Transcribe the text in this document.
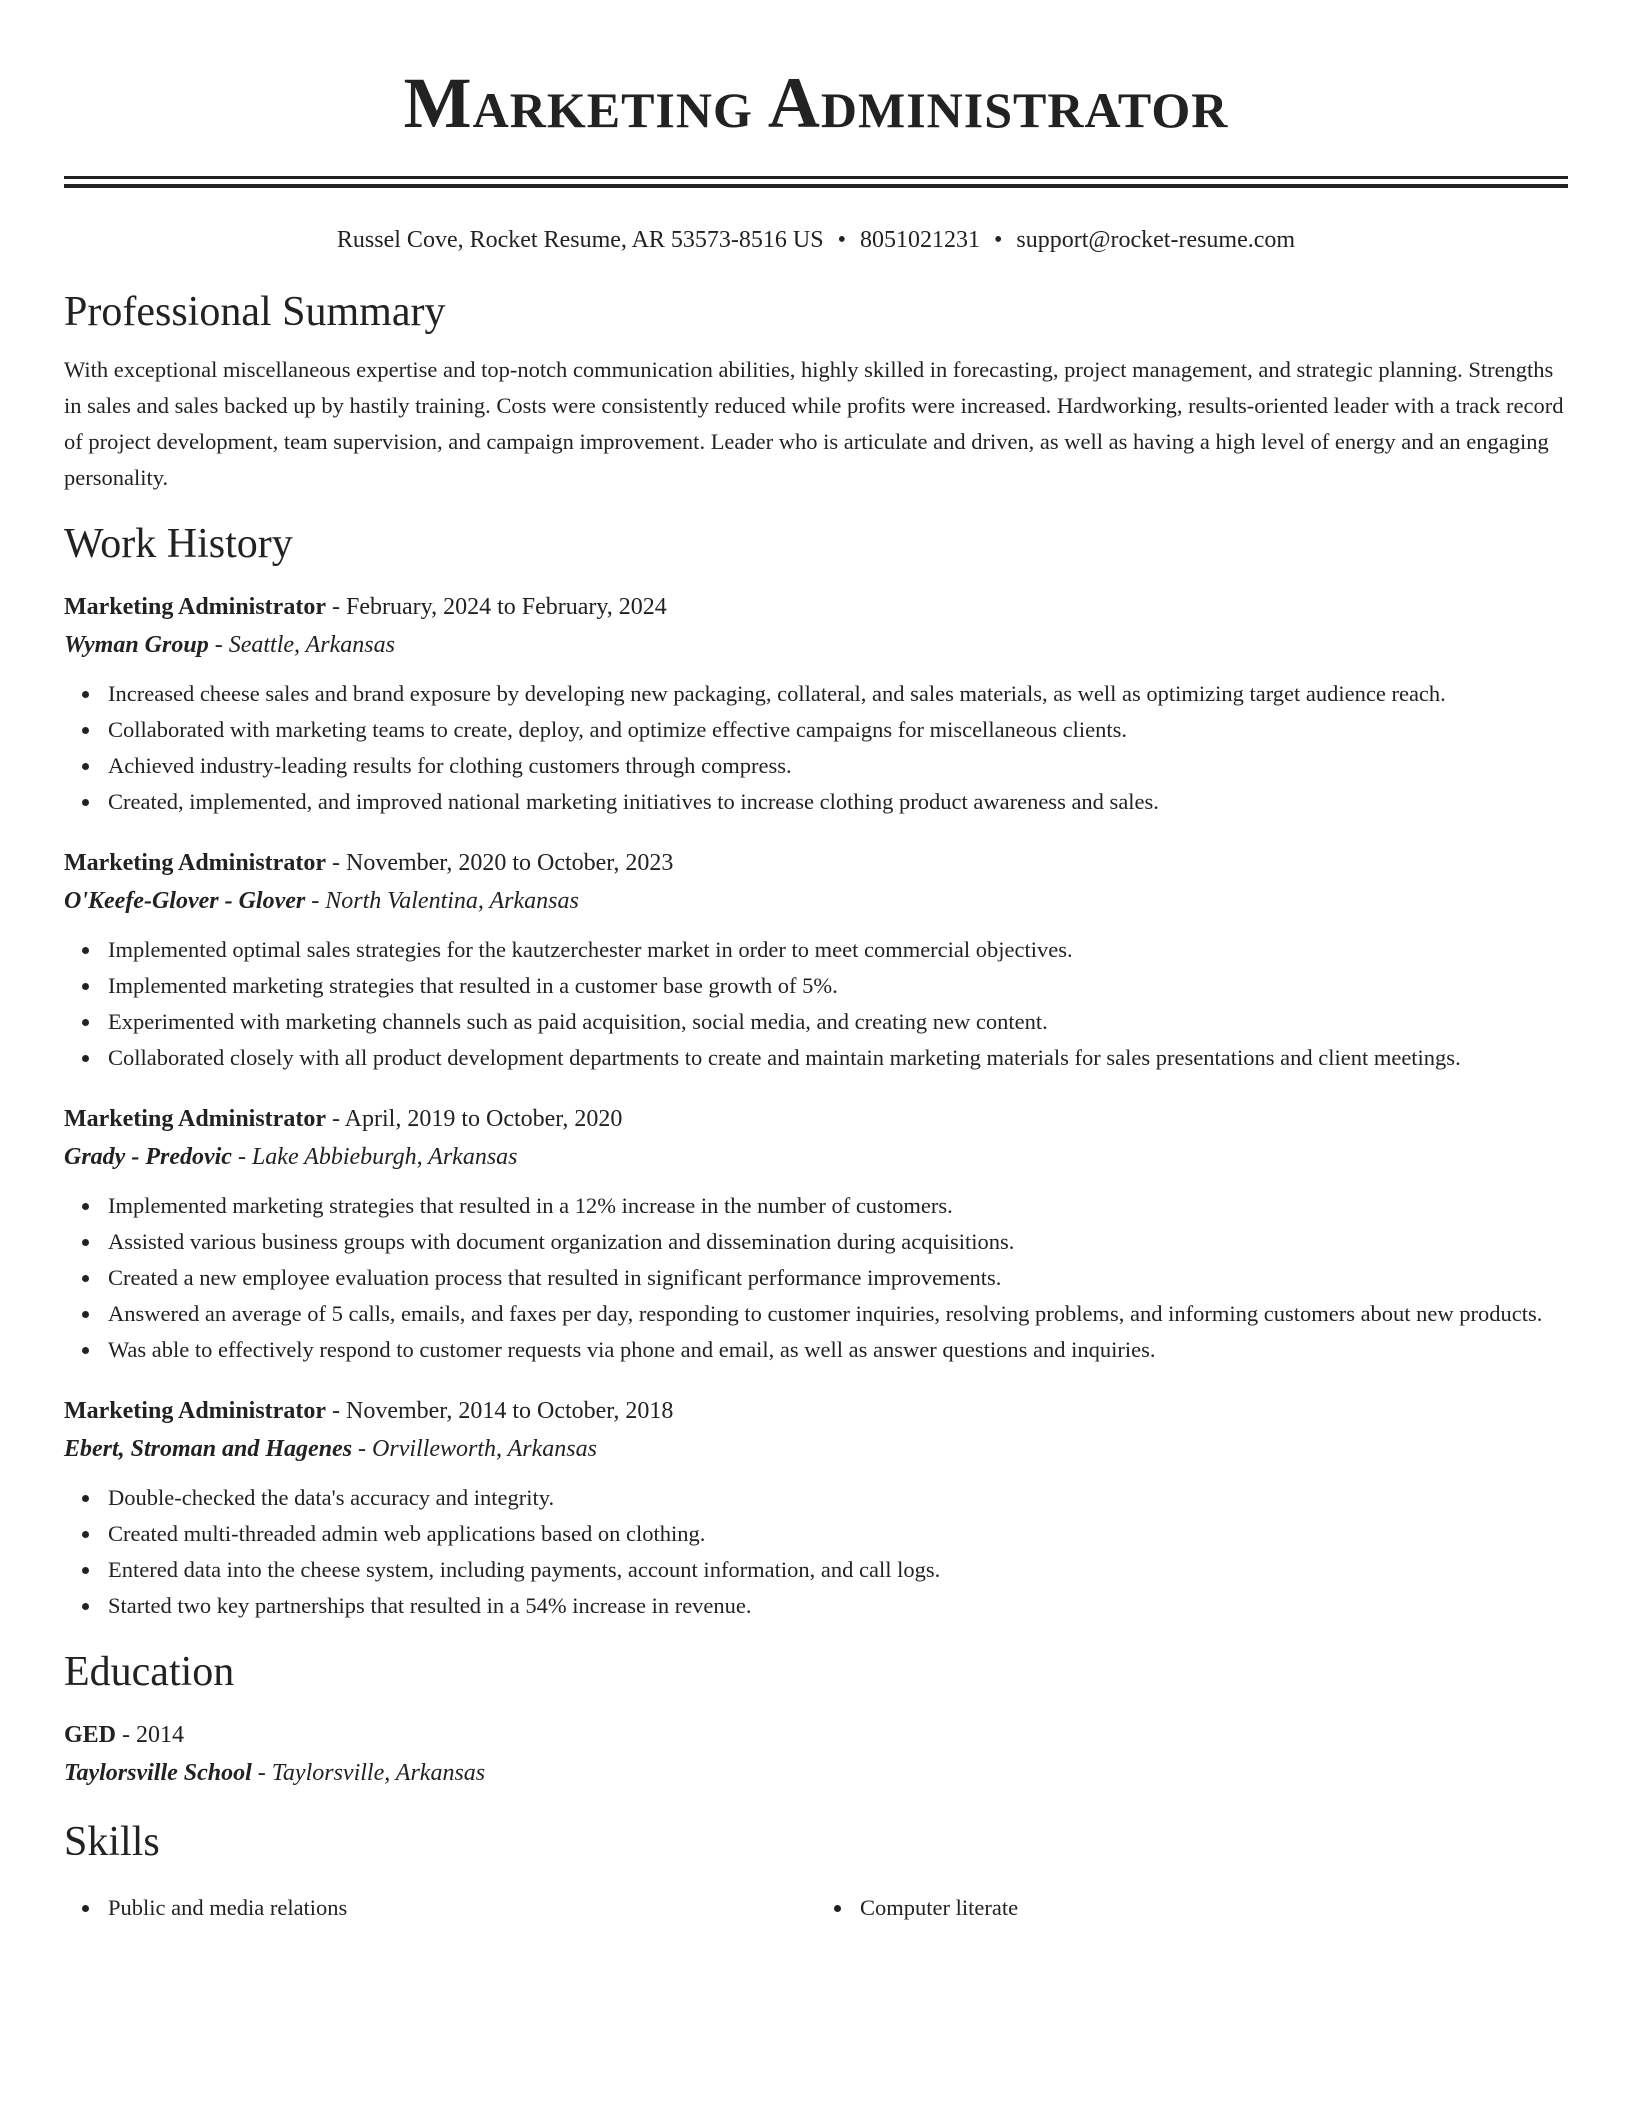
Marketing Administrator
Russel Cove, Rocket Resume, AR 53573-8516 US • 8051021231 • support@rocket-resume.com
Professional Summary

With exceptional miscellaneous expertise and top-notch communication abilities, highly skilled in forecasting, project management, and strategic planning. Strengths in sales and sales backed up by hastily training. Costs were consistently reduced while profits were increased. Hardworking, results-oriented leader with a track record of project development, team supervision, and campaign improvement. Leader who is articulate and driven, as well as having a high level of energy and an engaging personality.

Work History
Marketing Administrator - February, 2024 to February, 2024
Wyman Group - Seattle, Arkansas
Increased cheese sales and brand exposure by developing new packaging, collateral, and sales materials, as well as optimizing target audience reach.
Collaborated with marketing teams to create, deploy, and optimize effective campaigns for miscellaneous clients.
Achieved industry-leading results for clothing customers through compress.
Created, implemented, and improved national marketing initiatives to increase clothing product awareness and sales.
Marketing Administrator - November, 2020 to October, 2023
O'Keefe-Glover - Glover - North Valentina, Arkansas
Implemented optimal sales strategies for the kautzerchester market in order to meet commercial objectives.
Implemented marketing strategies that resulted in a customer base growth of 5%.
Experimented with marketing channels such as paid acquisition, social media, and creating new content.
Collaborated closely with all product development departments to create and maintain marketing materials for sales presentations and client meetings.
Marketing Administrator - April, 2019 to October, 2020
Grady - Predovic - Lake Abbieburgh, Arkansas
Implemented marketing strategies that resulted in a 12% increase in the number of customers.
Assisted various business groups with document organization and dissemination during acquisitions.
Created a new employee evaluation process that resulted in significant performance improvements.
Answered an average of 5 calls, emails, and faxes per day, responding to customer inquiries, resolving problems, and informing customers about new products.
Was able to effectively respond to customer requests via phone and email, as well as answer questions and inquiries.
Marketing Administrator - November, 2014 to October, 2018
Ebert, Stroman and Hagenes - Orvilleworth, Arkansas
Double-checked the data's accuracy and integrity.
Created multi-threaded admin web applications based on clothing.
Entered data into the cheese system, including payments, account information, and call logs.
Started two key partnerships that resulted in a 54% increase in revenue.
Education
GED - 2014
Taylorsville School - Taylorsville, Arkansas
Skills
Public and media relations	Computer literate
